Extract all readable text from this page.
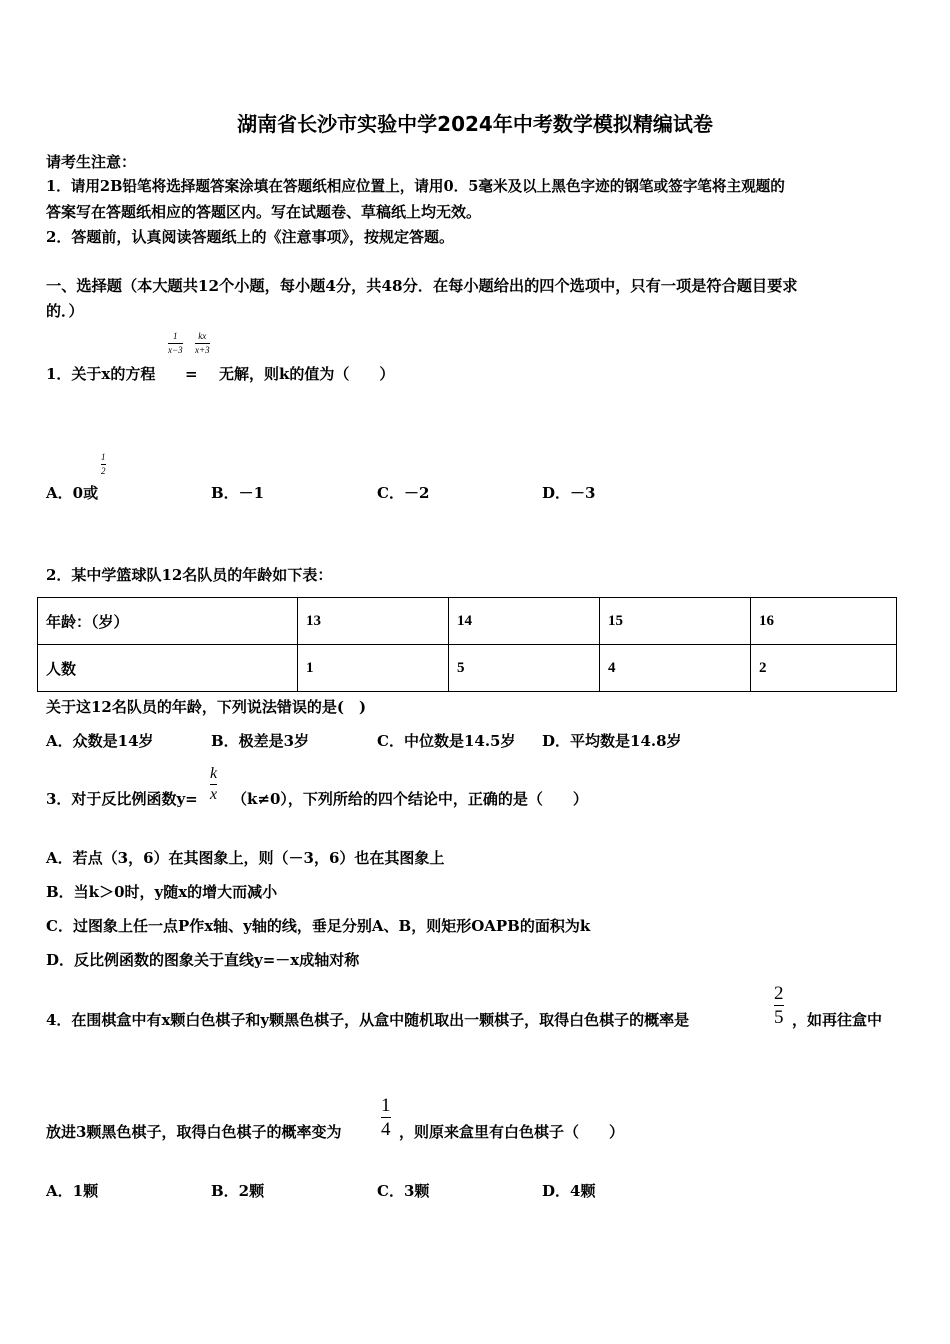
湖南省长沙市实验中学2024年中考数学模拟精编试卷
请考生注意：
1．请用2B铅笔将选择题答案涂填在答题纸相应位置上，请用0．5毫米及以上黑色字迹的钢笔或签字笔将主观题的
答案写在答题纸相应的答题区内。写在试题卷、草稿纸上均无效。
2．答题前，认真阅读答题纸上的《注意事项》，按规定答题。
一、选择题（本大题共12个小题，每小题4分，共48分．在每小题给出的四个选项中，只有一项是符合题目要求
的．）
1．关于x的方程
1
x−3
=
kx
x+3
无解，则k的值为（　　）
A．0或
1
2
B．－1	C．－2	D．－3
2．某中学篮球队12名队员的年龄如下表：
年龄：（岁）	13	14	15	16
人数	1	5	4	2
关于这12名队员的年龄，下列说法错误的是(　)
A．众数是14岁	B．极差是3岁	C．中位数是14.5岁 D．平均数是14.8岁
3．对于反比例函数y=
k
x （k≠0），下列所给的四个结论中，正确的是（　　）
A．若点（3，6）在其图象上，则（－3，6）也在其图象上
B．当k＞0时，y随x的增大而减小
C．过图象上任一点P作x轴、y轴的线，垂足分别A、B，则矩形OAPB的面积为k
D．反比例函数的图象关于直线y=－x成轴对称
4．在围棋盒中有x颗白色棋子和y颗黑色棋子，从盒中随机取出一颗棋子，取得白色棋子的概率是
2
5 ，如再往盒中
放进3颗黑色棋子，取得白色棋子的概率变为
1
4 ，则原来盒里有白色棋子（　　）
A．1颗	B．2颗	C．3颗	D．4颗
